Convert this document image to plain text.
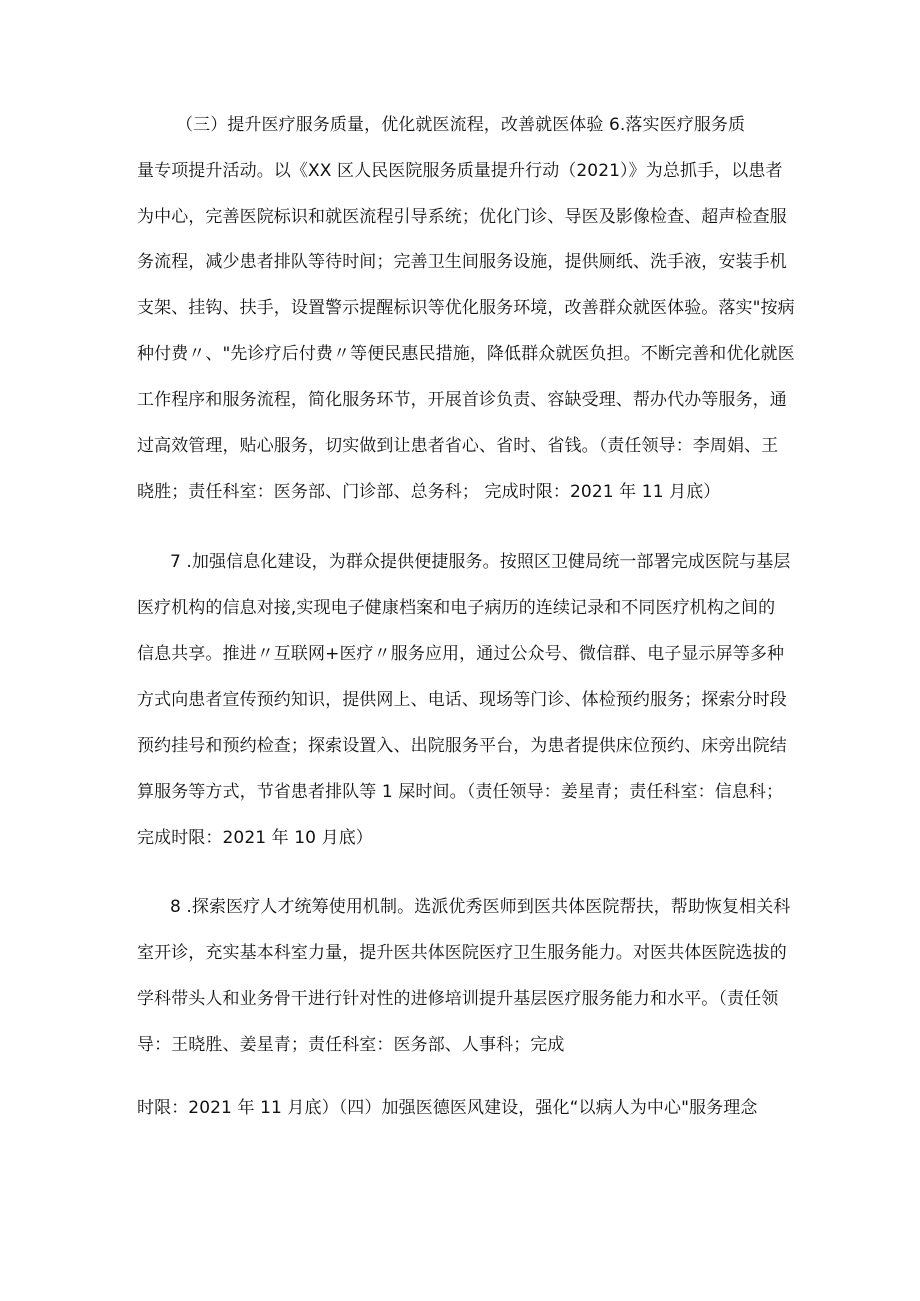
（三）提升医疗服务质量，优化就医流程，改善就医体验 6.落实医疗服务质
量专项提升活动。以《XX 区人民医院服务质量提升行动（2021）》为总抓手，以患者
为中心，完善医院标识和就医流程引导系统；优化门诊、导医及影像检查、超声检查服
务流程，减少患者排队等待时间；完善卫生间服务设施，提供厕纸、洗手液，安装手机
支架、挂钩、扶手，设置警示提醒标识等优化服务环境，改善群众就医体验。落实"按病
种付费〃、"先诊疗后付费〃等便民惠民措施，降低群众就医负担。不断完善和优化就医
工作程序和服务流程，简化服务环节，开展首诊负责、容缺受理、帮办代办等服务，通
过高效管理，贴心服务，切实做到让患者省心、省时、省钱。（责任领导：李周娟、王
晓胜；责任科室：医务部、门诊部、总务科； 完成时限：2021 年 11 月底）
7 .加强信息化建设，为群众提供便捷服务。按照区卫健局统一部署完成医院与基层
医疗机构的信息对接,实现电子健康档案和电子病历的连续记录和不同医疗机构之间的
信息共享。推进〃互联网+医疗〃服务应用，通过公众号、微信群、电子显示屏等多种
方式向患者宣传预约知识，提供网上、电话、现场等门诊、体检预约服务；探索分时段
预约挂号和预约检查；探索设置入、出院服务平台，为患者提供床位预约、床旁出院结
算服务等方式，节省患者排队等 1 屎时间。（责任领导：姜星青；责任科室：信息科；
完成时限：2021 年 10 月底）
8 .探索医疗人才统筹使用机制。选派优秀医师到医共体医院帮扶，帮助恢复相关科
室开诊，充实基本科室力量，提升医共体医院医疗卫生服务能力。对医共体医院选拔的
学科带头人和业务骨干进行针对性的进修培训提升基层医疗服务能力和水平。（责任领
导：王晓胜、姜星青；责任科室：医务部、人事科；完成
时限：2021 年 11 月底）（四）加强医德医风建设，强化“以病人为中心"服务理念
